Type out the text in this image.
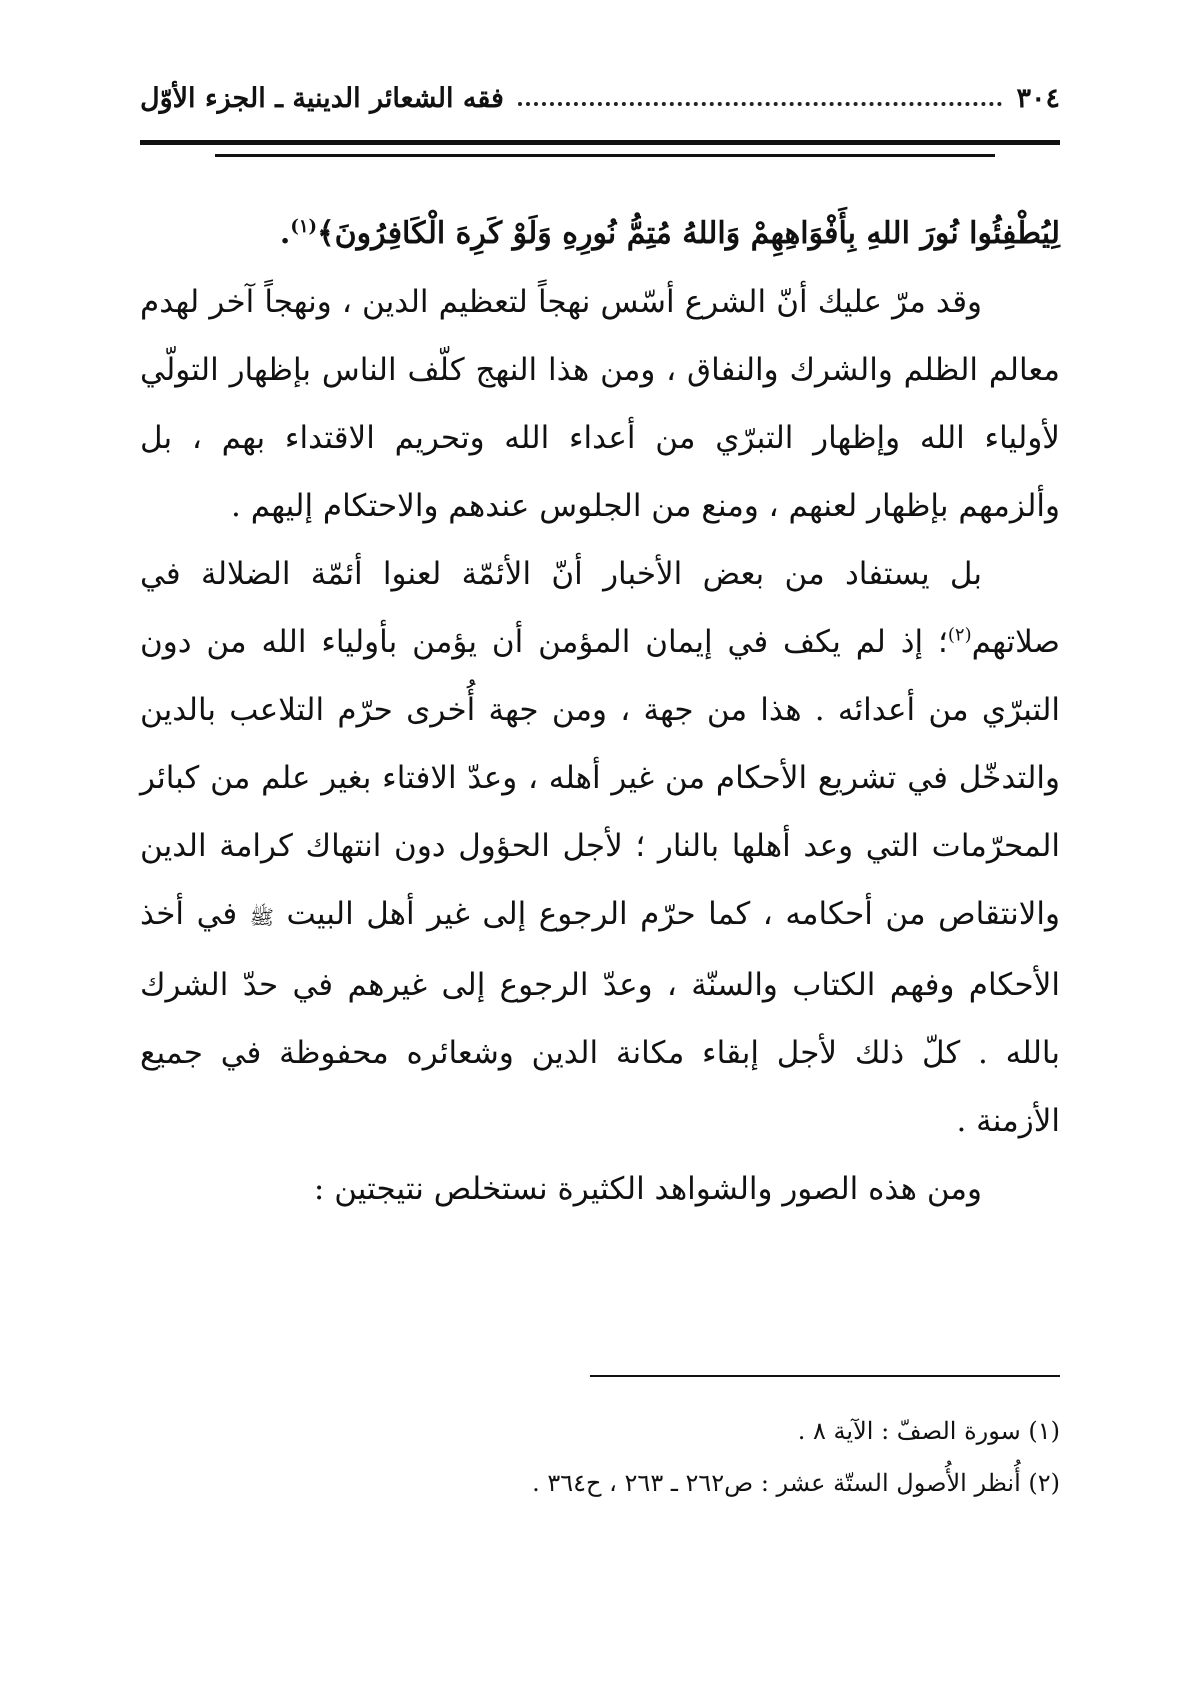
٣٠٤
فقه الشعائر الدينية ـ الجزء الأوّل

لِيُطْفِئُوا نُورَ اللهِ بِأَفْوَاهِهِمْ وَاللهُ مُتِمُّ نُورِهِ وَلَوْ كَرِهَ الْكَافِرُونَ﴾$^{(١)}$.

وقد مرّ عليك أنّ الشرع أسّس نهجاً لتعظيم الدين ، ونهجاً آخر لهدم معالم الظلم والشرك والنفاق ، ومن هذا النهج كلّف الناس بإظهار التولّي لأولياء الله وإظهار التبرّي من أعداء الله وتحريم الاقتداء بهم ، بل وألزمهم بإظهار لعنهم ، ومنع من الجلوس عندهم والاحتكام إليهم .

بل يستفاد من بعض الأخبار أنّ الأئمّة لعنوا أئمّة الضلالة في صلاتهم$^{(٢)}$؛ إذ لم يكف في إيمان المؤمن أن يؤمن بأولياء الله من دون التبرّي من أعدائه . هذا من جهة ، ومن جهة أُخرى حرّم التلاعب بالدين والتدخّل في تشريع الأحكام من غير أهله ، وعدّ الافتاء بغير علم من كبائر المحرّمات التي وعد أهلها بالنار ؛ لأجل الحؤول دون انتهاك كرامة الدين والانتقاص من أحكامه ، كما حرّم الرجوع إلى غير أهل البيت ﷺ في أخذ الأحكام وفهم الكتاب والسنّة ، وعدّ الرجوع إلى غيرهم في حدّ الشرك بالله . كلّ ذلك لأجل إبقاء مكانة الدين وشعائره محفوظة في جميع الأزمنة .

ومن هذه الصور والشواهد الكثيرة نستخلص نتيجتين :

(١) سورة الصفّ : الآية ٨ .

(٢) أُنظر الأُصول الستّة عشر : ص٢٦٢ ـ ٢٦٣ ، ح٣٦٤ .
